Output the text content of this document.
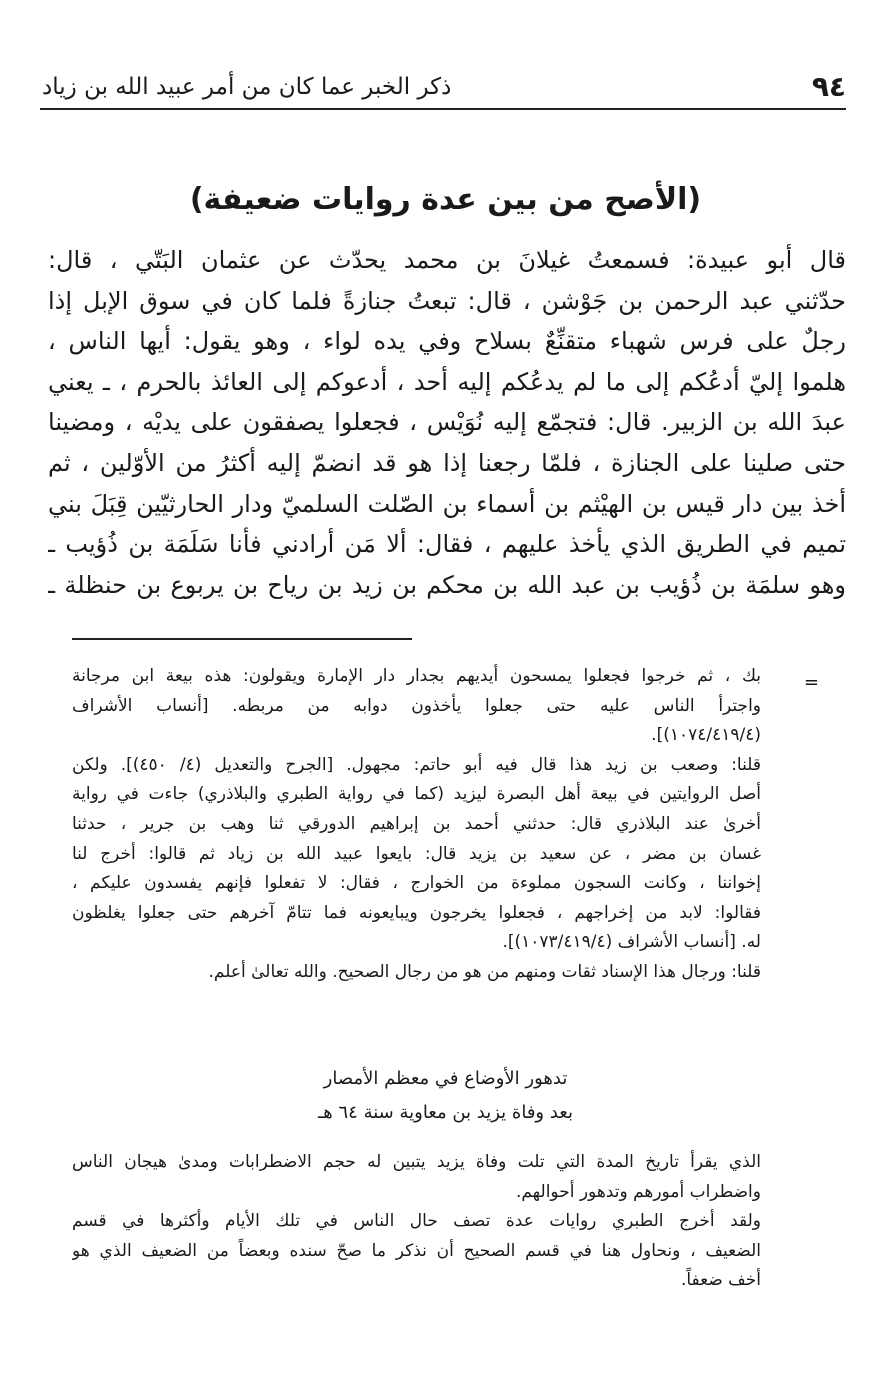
٩٤
ذكر الخبر عما كان من أمر عبيد الله بن زياد
(الأصح من بين عدة روايات ضعيفة)
قال أبو عبيدة: فسمعتُ غيلانَ بن محمد يحدّث عن عثمان البَتّي ، قال:
حدّثني عبد الرحمن بن جَوْشن ، قال: تبعتُ جنازةً فلما كان في سوق الإبل إذا
رجلٌ على فرس شهباء متقنِّعٌ بسلاح وفي يده لواء ، وهو يقول: أيها الناس ،
هلموا إليّ أدعُكم إلى ما لم يدعُكم إليه أحد ، أدعوكم إلى العائذ بالحرم ، ـ يعني
عبدَ الله بن الزبير. قال: فتجمّع إليه نُوَيْس ، فجعلوا يصفقون على يديْه ، ومضينا
حتى صلينا على الجنازة ، فلمّا رجعنا إذا هو قد انضمّ إليه أكثرُ من الأوّلين ، ثم
أخذ بين دار قيس بن الهيْثم بن أسماء بن الصّلت السلميّ ودار الحارثيّين قِبَلَ بني
تميم في الطريق الذي يأخذ عليهم ، فقال: ألا مَن أرادني فأنا سَلَمَة بن ذُؤيب ـ
وهو سلمَة بن ذُؤيب بن عبد الله بن محكم بن زيد بن رياح بن يربوع بن حنظلة ـ
=
بك ، ثم خرجوا فجعلوا يمسحون أيديهم بجدار دار الإمارة ويقولون: هذه بيعة ابن مرجانة
واجترأ الناس عليه حتى جعلوا يأخذون دوابه من مربطه. [أنساب الأشراف
(١٠٧٤/٤١٩/٤)].
قلنا: وصعب بن زيد هذا قال فيه أبو حاتم: مجهول. [الجرح والتعديل (٤/ ٤٥٠)]. ولكن
أصل الروايتين في بيعة أهل البصرة ليزيد (كما في رواية الطبري والبلاذري) جاءت في رواية
أخرىٰ عند البلاذري قال: حدثني أحمد بن إبراهيم الدورقي ثنا وهب بن جرير ، حدثنا
غسان بن مضر ، عن سعيد بن يزيد قال: بايعوا عبيد الله بن زياد ثم قالوا: أخرج لنا
إخواننا ، وكانت السجون مملوءة من الخوارج ، فقال: لا تفعلوا فإنهم يفسدون عليكم ،
فقالوا: لابد من إخراجهم ، فجعلوا يخرجون ويبايعونه فما تتامّ آخرهم حتى جعلوا يغلظون
له. [أنساب الأشراف (١٠٧٣/٤١٩/٤)].
قلنا: ورجال هذا الإسناد ثقات ومنهم من هو من رجال الصحيح. والله تعالىٰ أعلم.
تدهور الأوضاع في معظم الأمصار
بعد وفاة يزيد بن معاوية سنة ٦٤ هـ
الذي يقرأ تاريخ المدة التي تلت وفاة يزيد يتبين له حجم الاضطرابات ومدىٰ هيجان الناس
واضطراب أمورهم وتدهور أحوالهم.
ولقد أخرج الطبري روايات عدة تصف حال الناس في تلك الأيام وأكثرها في قسم
الضعيف ، ونحاول هنا في قسم الصحيح أن نذكر ما صحّ سنده وبعضاً من الضعيف الذي هو
أخف ضعفاً.
